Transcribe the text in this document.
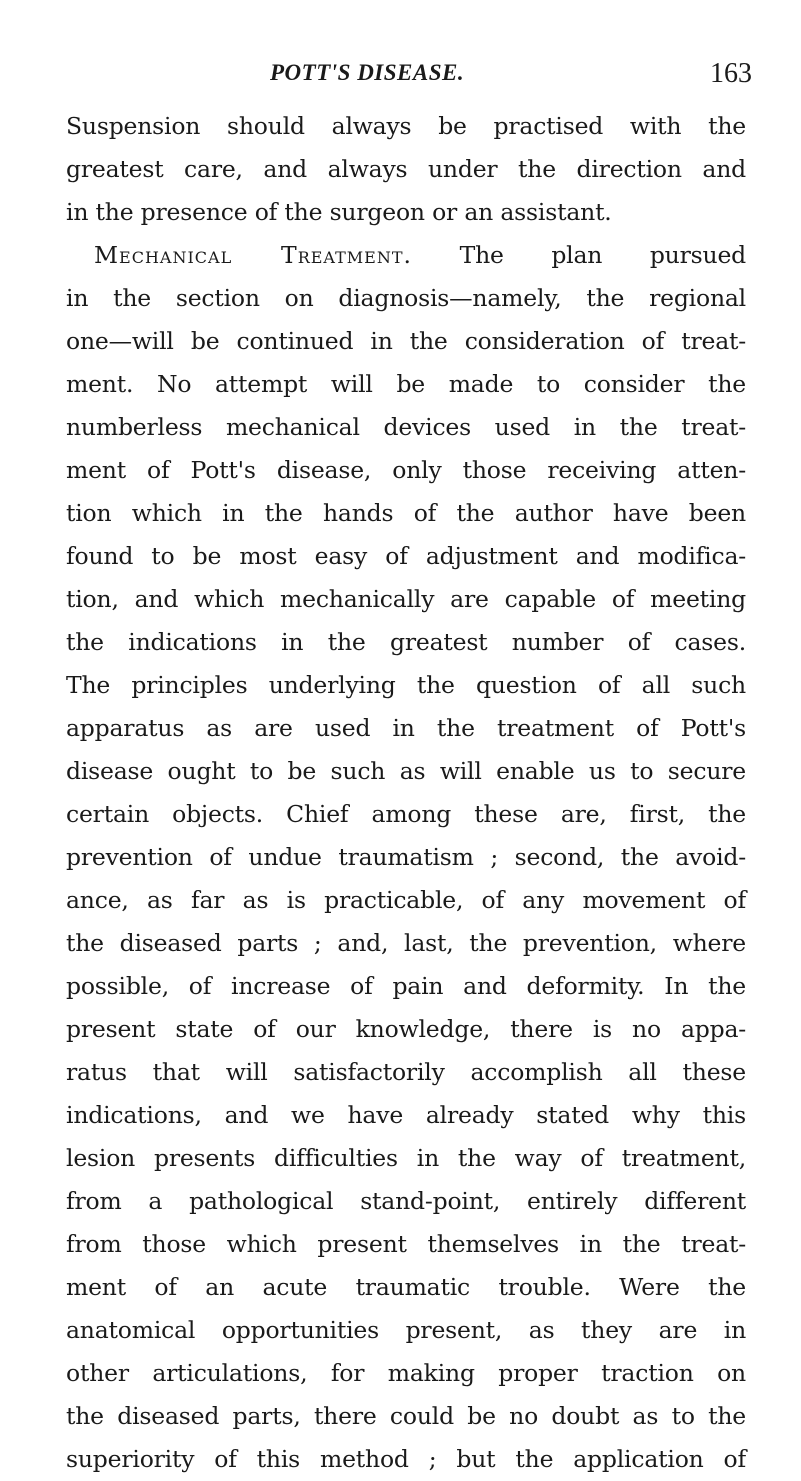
POTT'S DISEASE.	163
Suspension should always be practised with the
greatest care, and always under the direction and
in the presence of the surgeon or an assistant.
Mechanical Treatment. The plan pursued
in the section on diagnosis—namely, the regional
one—will be continued in the consideration of treat-
ment. No attempt will be made to consider the
numberless mechanical devices used in the treat-
ment of Pott's disease, only those receiving atten-
tion which in the hands of the author have been
found to be most easy of adjustment and modifica-
tion, and which mechanically are capable of meeting
the indications in the greatest number of cases.
The principles underlying the question of all such
apparatus as are used in the treatment of Pott's
disease ought to be such as will enable us to secure
certain objects. Chief among these are, first, the
prevention of undue traumatism ; second, the avoid-
ance, as far as is practicable, of any movement of
the diseased parts ; and, last, the prevention, where
possible, of increase of pain and deformity. In the
present state of our knowledge, there is no appa-
ratus that will satisfactorily accomplish all these
indications, and we have already stated why this
lesion presents difficulties in the way of treatment,
from a pathological stand-point, entirely different
from those which present themselves in the treat-
ment of an acute traumatic trouble. Were the
anatomical opportunities present, as they are in
other articulations, for making proper traction on
the diseased parts, there could be no doubt as to the
superiority of this method ; but the application of
